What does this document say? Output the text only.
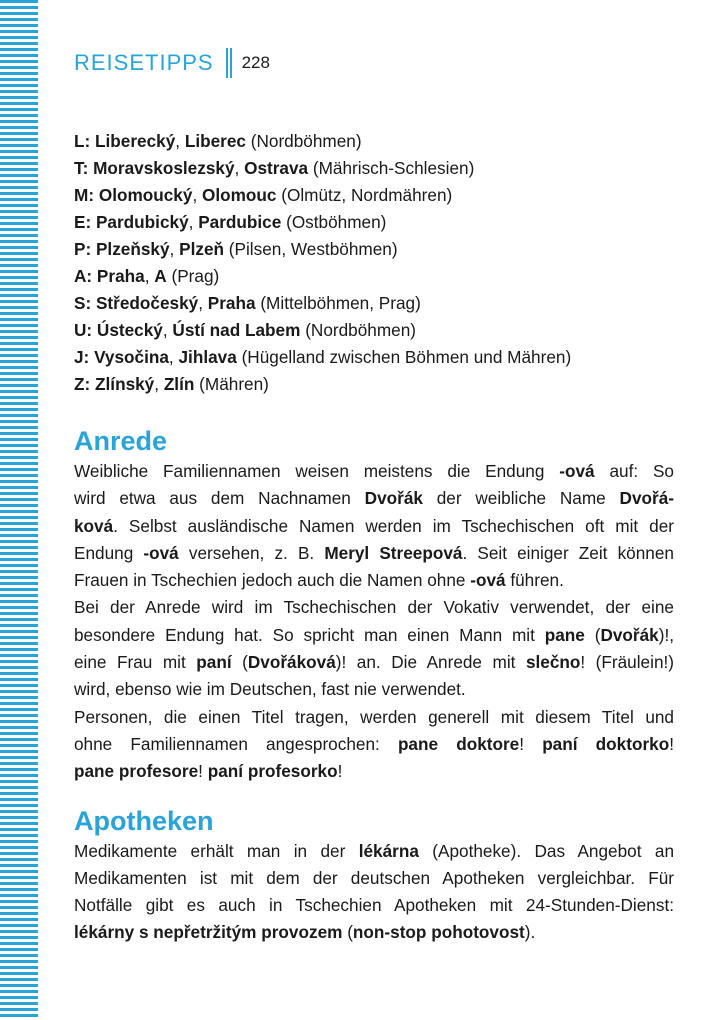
REISETIPPS 228
L: Liberecký, Liberec (Nordböhmen)
T: Moravskoslezský, Ostrava (Mährisch-Schlesien)
M: Olomoucký, Olomouc (Olmütz, Nordmähren)
E: Pardubický, Pardubice (Ostböhmen)
P: Plzeňský, Plzeň (Pilsen, Westböhmen)
A: Praha, A (Prag)
S: Středočeský, Praha (Mittelböhmen, Prag)
U: Ústecký, Ústí nad Labem (Nordböhmen)
J: Vysočina, Jihlava (Hügelland zwischen Böhmen und Mähren)
Z: Zlínský, Zlín (Mähren)
Anrede

Weibliche Familiennamen weisen meistens die Endung -ová auf: So
wird etwa aus dem Nachnamen Dvořák der weibliche Name Dvořá-
ková. Selbst ausländische Namen werden im Tschechischen oft mit der
Endung -ová versehen, z. B. Meryl Streepová. Seit einiger Zeit können
Frauen in Tschechien jedoch auch die Namen ohne -ová führen.

Bei der Anrede wird im Tschechischen der Vokativ verwendet, der eine
besondere Endung hat. So spricht man einen Mann mit pane (Dvořák)!,
eine Frau mit paní (Dvořáková)! an. Die Anrede mit slečno! (Fräulein!)
wird, ebenso wie im Deutschen, fast nie verwendet.

Personen, die einen Titel tragen, werden generell mit diesem Titel und
ohne Familiennamen angesprochen: pane doktore! paní doktorko!
pane profesore! paní profesorko!

Apotheken

Medikamente erhält man in der lékárna (Apotheke). Das Angebot an
Medikamenten ist mit dem der deutschen Apotheken vergleichbar. Für
Notfälle gibt es auch in Tschechien Apotheken mit 24-Stunden-Dienst:
lékárny s nepřetržitým provozem (non-stop pohotovost).
